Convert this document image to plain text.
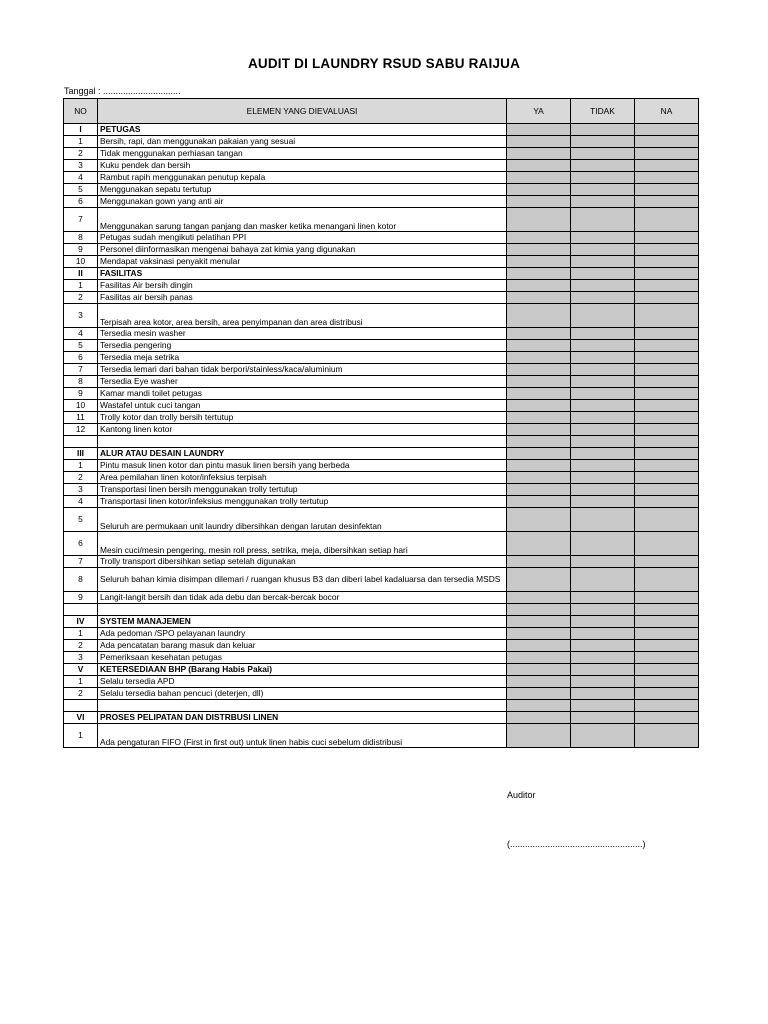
AUDIT DI LAUNDRY RSUD SABU RAIJUA
Tanggal : ...............................
NO	ELEMEN YANG DIEVALUASI	YA	TIDAK	NA
I	PETUGAS			
1	Bersih, rapi, dan menggunakan pakaian yang sesuai			
2	Tidak menggunakan perhiasan tangan			
3	Kuku pendek dan bersih			
4	Rambut rapih menggunakan penutup kepala			
5	Menggunakan sepatu tertutup			
6	Menggunakan gown yang anti air			
7	Menggunakan sarung tangan panjang dan masker ketika menangani linen kotor			
8	Petugas sudah mengikuti pelatihan PPI			
9	Personel diinformasikan mengenai bahaya zat kimia yang digunakan			
10	Mendapat vaksinasi penyakit menular			
II	FASILITAS			
1	Fasilitas Air bersih dingin			
2	Fasilitas air bersih panas			
3	Terpisah area kotor, area bersih, area penyimpanan dan area distribusi			
4	Tersedia mesin washer			
5	Tersedia pengering			
6	Tersedia meja setrika			
7	Tersedia lemari dari bahan tidak berpori/stainless/kaca/aluminium			
8	Tersedia Eye washer			
9	Kamar mandi toilet petugas			
10	Wastafel untuk cuci tangan			
11	Trolly kotor dan trolly bersih tertutup			
12	Kantong linen kotor			

III	ALUR ATAU DESAIN LAUNDRY			
1	Pintu masuk linen kotor dan pintu masuk linen bersih yang berbeda			
2	Area pemilahan linen kotor/infeksius terpisah			
3	Transportasi linen bersih menggunakan trolly tertutup			
4	Transportasi linen kotor/infeksius menggunakan trolly tertutup			
5	Seluruh are permukaan unit laundry dibersihkan dengan larutan desinfektan			
6	Mesin cuci/mesin pengering, mesin roll press, setrika, meja, dibersihkan setiap hari			
7	Trolly transport dibersihkan setiap setelah digunakan			
8	Seluruh bahan kimia disimpan dilemari / ruangan khusus B3 dan diberi label kadaluarsa dan tersedia MSDS			
9	Langit-langit bersih dan tidak ada debu dan bercak-bercak bocor			

IV	SYSTEM MANAJEMEN			
1	Ada pedoman /SPO pelayanan laundry			
2	Ada pencatatan barang masuk dan keluar			
3	Pemeriksaan kesehatan petugas			
V	KETERSEDIAAN BHP (Barang Habis Pakai)			
1	Selalu tersedia APD			
2	Selalu tersedia bahan pencuci (deterjen, dll)			

VI	PROSES PELIPATAN DAN DISTRBUSI LINEN			
1	Ada pengaturan FIFO (First in first out) untuk linen habis cuci sebelum didistribusi			
Auditor
(.....................................................)
